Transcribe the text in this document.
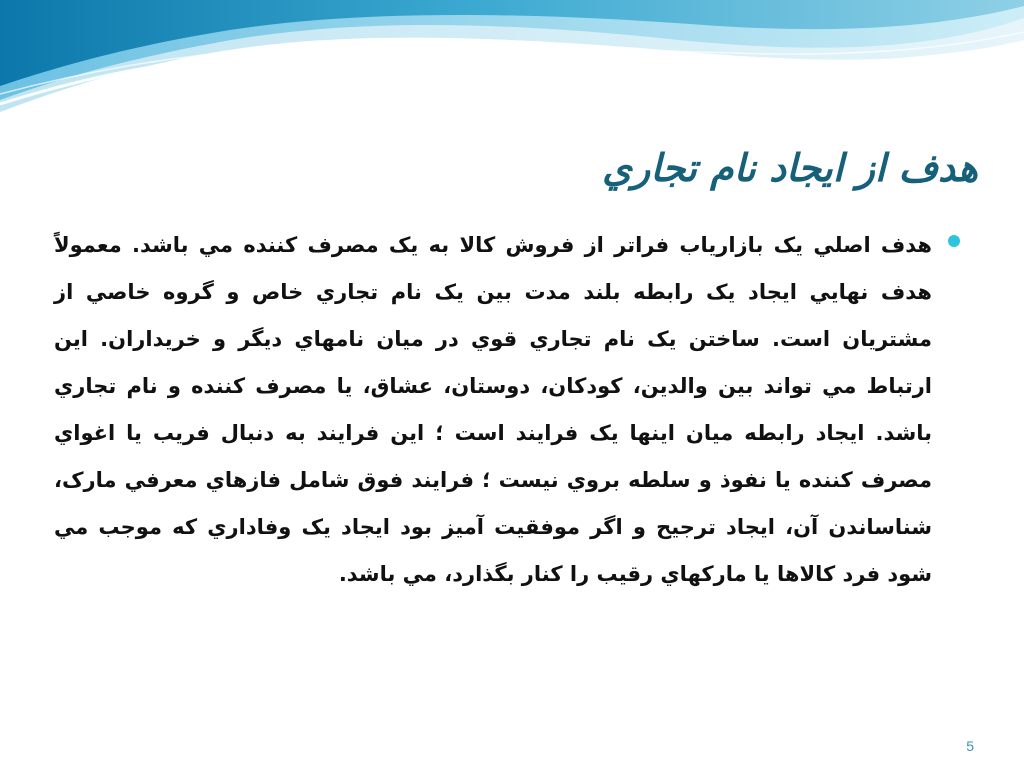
هدف از ايجاد نام تجاري

هدف اصلي يک بازاریاب فراتر از فروش کالا به يک مصرف کننده مي باشد. معمولاً هدف نهايي ايجاد يک رابطه بلند مدت بين يک نام تجاري خاص و گروه خاصي از مشتريان است. ساختن يک نام تجاري قوي در ميان نامهاي ديگر و خريداران. اين ارتباط مي تواند بين والدين، کودکان، دوستان، عشاق، يا مصرف کننده و نام تجاري باشد. ايجاد رابطه ميان اينها يک فرايند است ؛ اين فرايند به دنبال فريب يا اغواي مصرف کننده يا نفوذ و سلطه بروي نيست ؛ فرايند فوق شامل فازهاي معرفي مارک، شناساندن آن، ايجاد ترجيح و اگر موفقيت آميز بود ايجاد يک وفاداري که موجب مي شود فرد کالاها يا مارکهاي رقيب را کنار بگذارد، مي باشد.

5
